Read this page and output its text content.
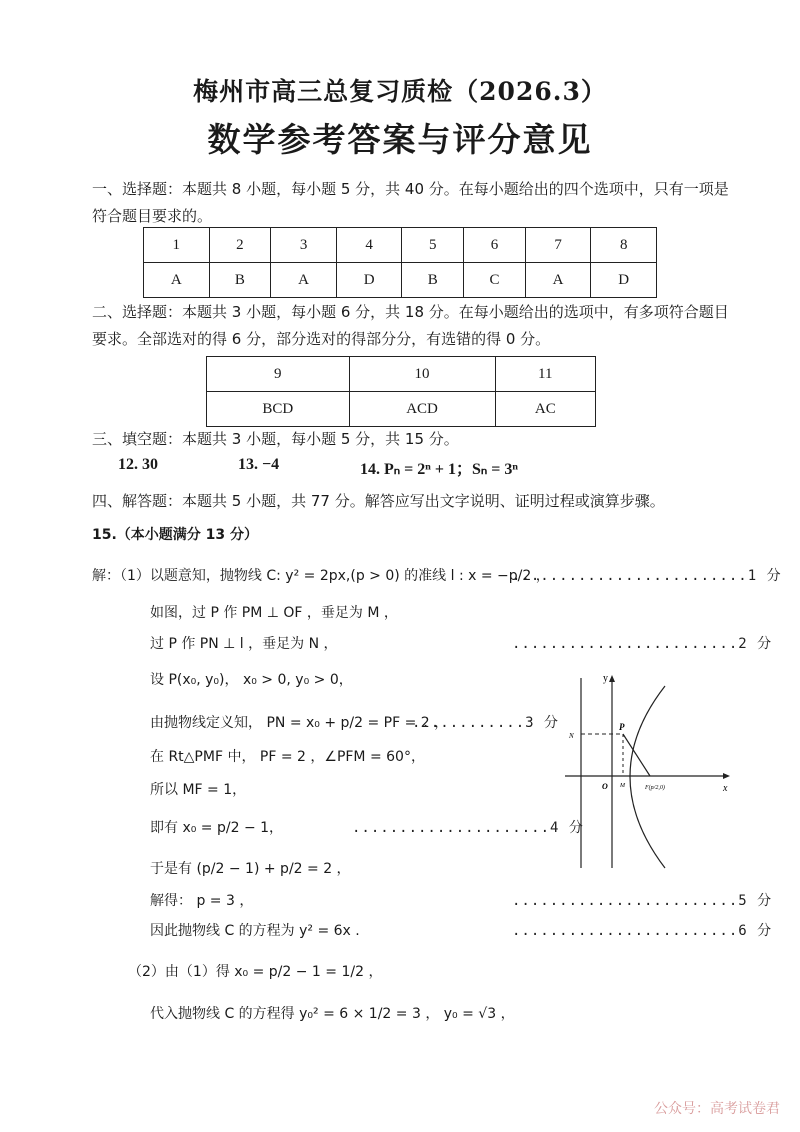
梅州市高三总复习质检（2026.3）
数学参考答案与评分意见
一、选择题：本题共 8 小题，每小题 5 分，共 40 分。在每小题给出的四个选项中，只有一项是符合题目要求的。
1	2	3	4	5	6	7	8
A	B	A	D	B	C	A	D
二、选择题：本题共 3 小题，每小题 6 分，共 18 分。在每小题给出的选项中，有多项符合题目要求。全部选对的得 6 分，部分选对的得部分分，有选错的得 0 分。
9	10	11
BCD	ACD	AC
三、填空题：本题共 3 小题，每小题 5 分，共 15 分。
12. 30	13. −4	14. Pₙ = 2ⁿ + 1；Sₙ = 3ⁿ
四、解答题：本题共 5 小题，共 77 分。解答应写出文字说明、证明过程或演算步骤。
15.（本小题满分 13 分）
解：（1）以题意知，抛物线 C: y² = 2px,(p > 0) 的准线 l : x = −p/2 ，
.........................1 分
如图，过 P 作 PM ⊥ OF ，垂足为 M ，
过 P 作 PN ⊥ l ，垂足为 N ，	........................2 分
设 P(x₀, y₀)， x₀ > 0, y₀ > 0，
由抛物线定义知， PN = x₀ + p/2 = PF = 2 ，
............3 分
在 Rt△PMF 中， PF = 2 ，∠PFM = 60°，
所以 MF = 1，
即有 x₀ = p/2 − 1，	.....................4 分
于是有 (p/2 − 1) + p/2 = 2 ，
解得： p = 3 ，	........................5 分
因此抛物线 C 的方程为 y² = 6x .	........................6 分
（2）由（1）得 x₀ = p/2 − 1 = 1/2 ，
代入抛物线 C 的方程得 y₀² = 6 × 1/2 = 3 ， y₀ = √3 ，
y
x
N
P
O M	F(p/2,0)
公众号：高考试卷君
